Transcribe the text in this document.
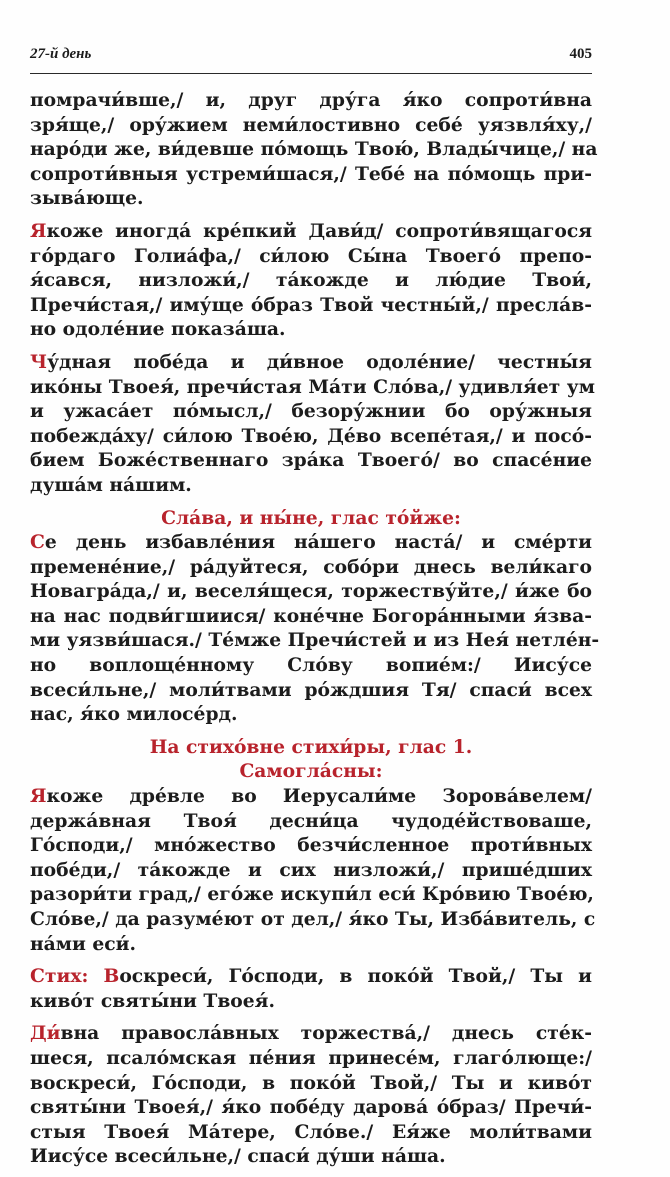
27-й день	405
помрачи́вше,/ и, друг дру́га я́ко сопроти́вна
зря́ще,/ ору́жием неми́лостивно себе́ уязвля́ху,/
наро́ди же, ви́девше по́мощь Твою́, Влады́чице,/ на
сопроти́вныя устреми́шася,/ Тебе́ на по́мощь при-
зыва́юще.
Якоже иногда́ кре́пкий Дави́д/ сопроти́вящагося
го́рдаго Голиа́фа,/ си́лою Сы́на Твоего́ препо-
я́сався, низложи́,/ та́кожде и лю́дие Твои́,
Пречи́стая,/ иму́ще о́браз Твой честны́й,/ пресла́в-
но одоле́ние показа́ша.
Чу́дная побе́да и ди́вное одоле́ние/ честны́я
ико́ны Твоея́, пречи́стая Ма́ти Сло́ва,/ удивля́ет ум
и ужаса́ет по́мысл,/ безору́жнии бо ору́жныя
побежда́ху/ си́лою Твое́ю, Де́во всепе́тая,/ и посо́-
бием Боже́ственнаго зра́ка Твоего́/ во спасе́ние
душа́м на́шим.
Сла́ва, и ны́не, глас то́йже:
Се день избавле́ния на́шего наста́/ и сме́рти
премене́ние,/ ра́дуйтеся, собо́ри днесь вели́каго
Новагра́да,/ и, веселя́щеся, торжеству́йте,/ и́же бо
на нас подви́гшиися/ коне́чне Богора́нными я́зва-
ми уязви́шася./ Те́мже Пречи́стей и из Нея́ нетле́н-
но воплоще́нному Сло́ву вопие́м:/ Иису́се
всеси́льне,/ моли́твами ро́ждшия Тя/ спаси́ всех
нас, я́ко милосе́рд.
На стихо́вне стихи́ры, глас 1.
Самогла́сны:
Якоже дре́вле во Иерусали́ме Зорова́велем/
держа́вная Твоя́ десни́ца чудоде́йствоваше,
Го́споди,/ мно́жество безчи́сленное проти́вных
побе́ди,/ та́кожде и сих низложи́,/ прише́дших
разори́ти град,/ его́же искупи́л еси́ Кро́вию Твое́ю,
Сло́ве,/ да разуме́ют от дел,/ я́ко Ты, Изба́витель, с
на́ми еси́.
Стих: Воскреси́, Го́споди, в поко́й Твой,/ Ты и
киво́т святы́ни Твоея́.
Ди́вна правосла́вных торжества́,/ днесь сте́к-
шеся, псало́мская пе́ния принесе́м, глаго́люще:/
воскреси́, Го́споди, в поко́й Твой,/ Ты и киво́т
святы́ни Твоея́,/ я́ко побе́ду дарова́ о́браз/ Пречи́-
стыя Твоея́ Ма́тере, Сло́ве./ Ея́же моли́твами
Иису́се всеси́льне,/ спаси́ ду́ши на́ша.
